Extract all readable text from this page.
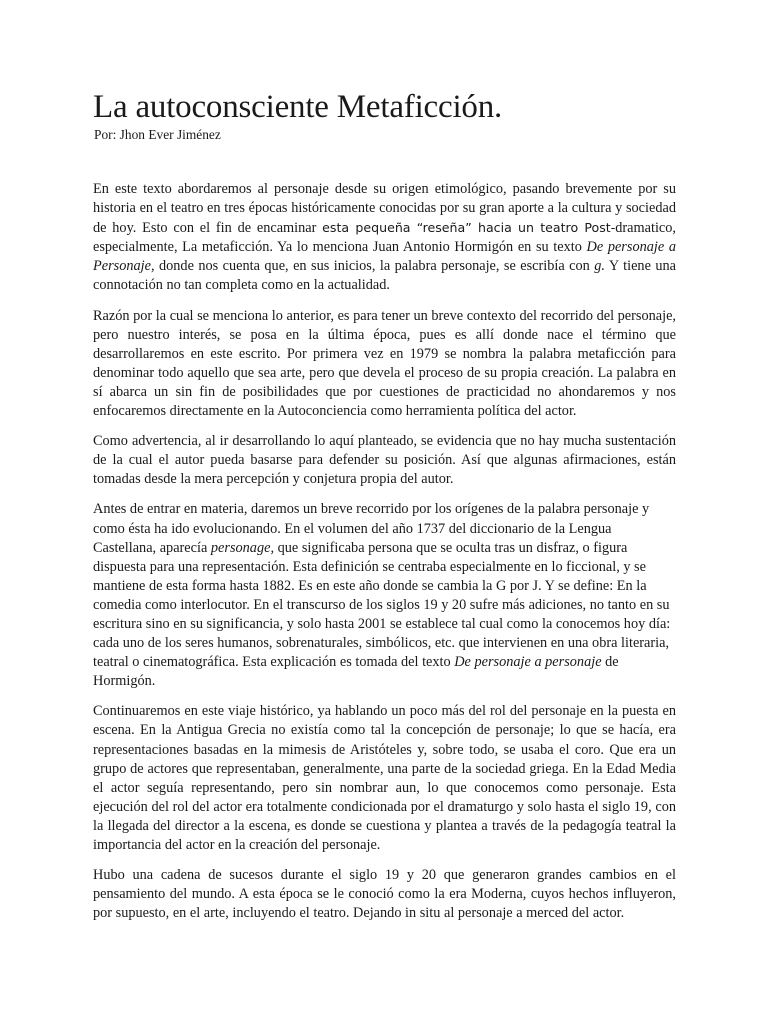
La autoconsciente Metaficción.

Por: Jhon Ever Jiménez

En este texto abordaremos al personaje desde su origen etimológico, pasando brevemente por su historia en el teatro en tres épocas históricamente conocidas por su gran aporte a la cultura y sociedad de hoy. Esto con el fin de encaminar esta pequeña “reseña” hacia un teatro Post-dramatico, especialmente, La metaficción. Ya lo menciona Juan Antonio Hormigón en su texto De personaje a Personaje, donde nos cuenta que, en sus inicios, la palabra personaje, se escribía con g. Y tiene una connotación no tan completa como en la actualidad.

Razón por la cual se menciona lo anterior, es para tener un breve contexto del recorrido del personaje, pero nuestro interés, se posa en la última época, pues es allí donde nace el término que desarrollaremos en este escrito. Por primera vez en 1979 se nombra la palabra metaficción para denominar todo aquello que sea arte, pero que devela el proceso de su propia creación. La palabra en sí abarca un sin fin de posibilidades que por cuestiones de practicidad no ahondaremos y nos enfocaremos directamente en la Autoconciencia como herramienta política del actor.

Como advertencia, al ir desarrollando lo aquí planteado, se evidencia que no hay mucha sustentación de la cual el autor pueda basarse para defender su posición. Así que algunas afirmaciones, están tomadas desde la mera percepción y conjetura propia del autor.

Antes de entrar en materia, daremos un breve recorrido por los orígenes de la palabra personaje y como ésta ha ido evolucionando. En el volumen del año 1737 del diccionario de la Lengua Castellana, aparecía personage, que significaba persona que se oculta tras un disfraz, o figura dispuesta para una representación. Esta definición se centraba especialmente en lo ficcional, y se mantiene de esta forma hasta 1882. Es en este año donde se cambia la G por J. Y se define: En la comedia como interlocutor. En el transcurso de los siglos 19 y 20 sufre más adiciones, no tanto en su escritura sino en su significancia, y solo hasta 2001 se establece tal cual como la conocemos hoy día: cada uno de los seres humanos, sobrenaturales, simbólicos, etc. que intervienen en una obra literaria, teatral o cinematográfica. Esta explicación es tomada del texto De personaje a personaje de Hormigón.

Continuaremos en este viaje histórico, ya hablando un poco más del rol del personaje en la puesta en escena. En la Antigua Grecia no existía como tal la concepción de personaje; lo que se hacía, era representaciones basadas en la mimesis de Aristóteles y, sobre todo, se usaba el coro. Que era un grupo de actores que representaban, generalmente, una parte de la sociedad griega. En la Edad Media el actor seguía representando, pero sin nombrar aun, lo que conocemos como personaje. Esta ejecución del rol del actor era totalmente condicionada por el dramaturgo y solo hasta el siglo 19, con la llegada del director a la escena, es donde se cuestiona y plantea a través de la pedagogía teatral la importancia del actor en la creación del personaje.

Hubo una cadena de sucesos durante el siglo 19 y 20 que generaron grandes cambios en el pensamiento del mundo. A esta época se le conoció como la era Moderna, cuyos hechos influyeron, por supuesto, en el arte, incluyendo el teatro. Dejando in situ al personaje a merced del actor.
